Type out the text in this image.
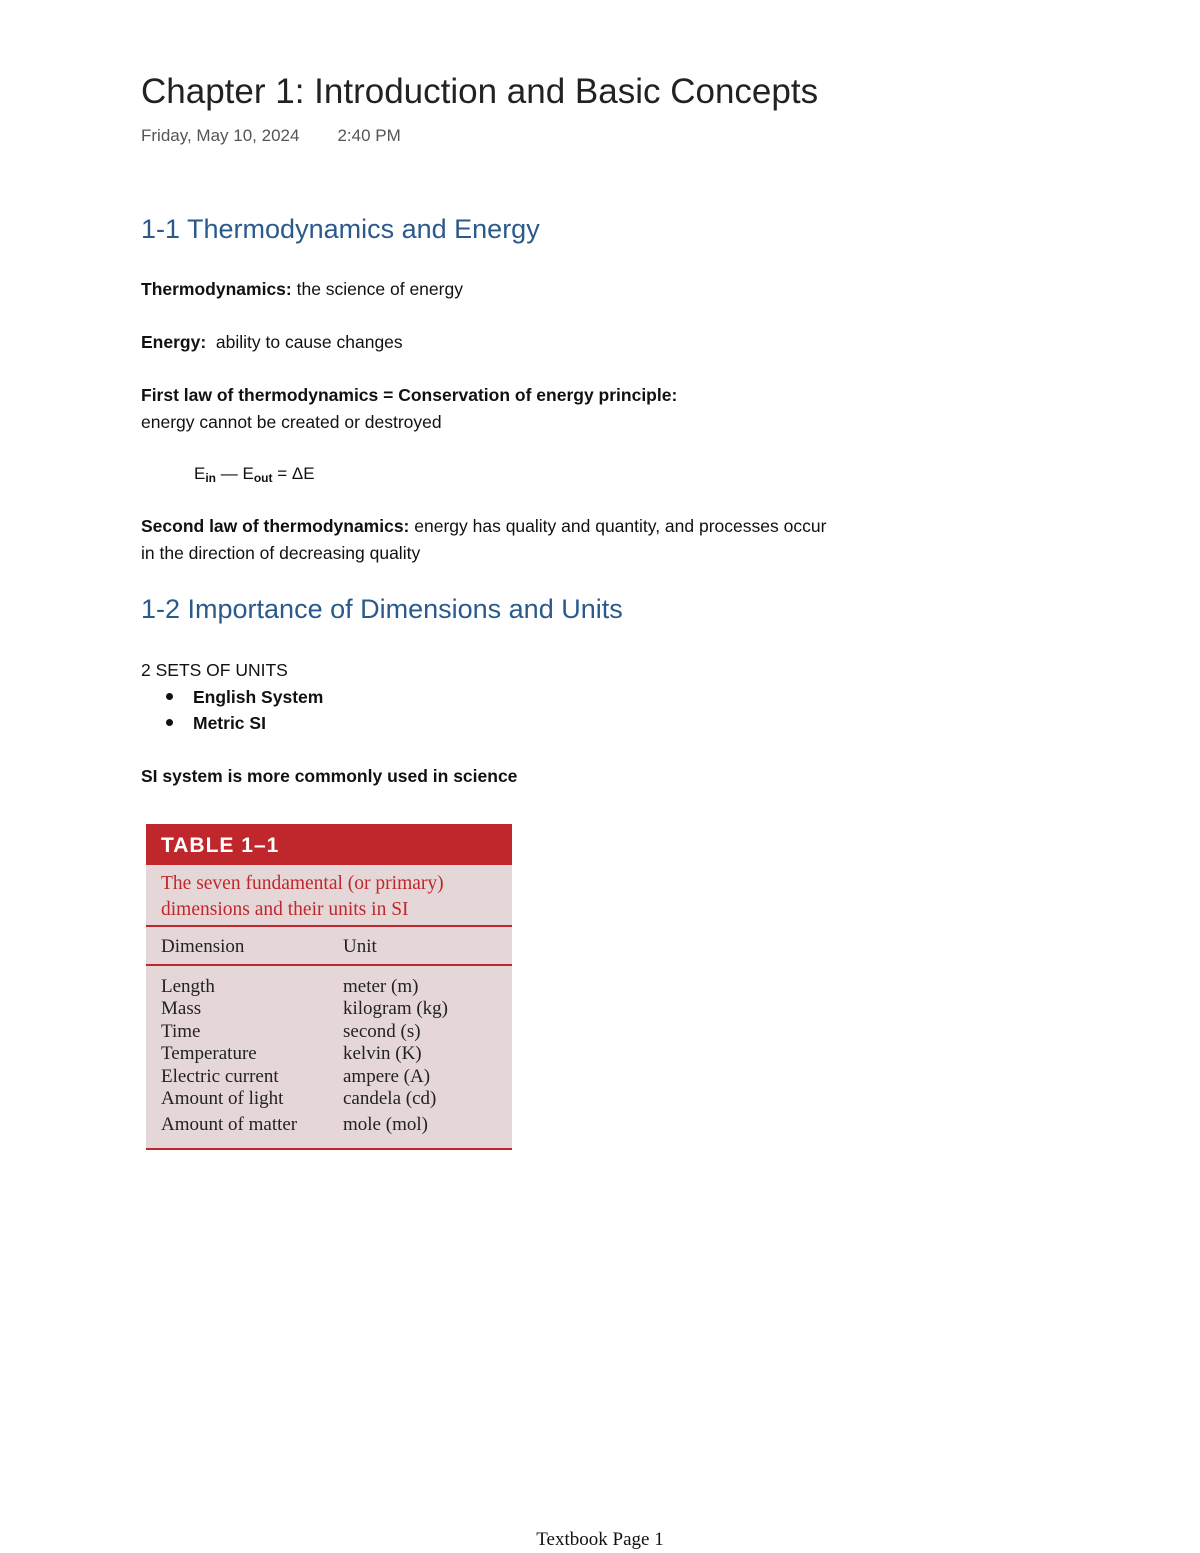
Chapter 1: Introduction and Basic Concepts
Friday, May 10, 2024 2:40 PM
1-1 Thermodynamics and Energy
Thermodynamics: the science of energy
Energy:  ability to cause changes
First law of thermodynamics = Conservation of energy principle:
energy cannot be created or destroyed
$E_{in}$ — $E_{out} = \Delta E$
Second law of thermodynamics: energy has quality and quantity, and processes occur
in the direction of decreasing quality
1-2 Importance of Dimensions and Units
2 SETS OF UNITS
English System
Metric SI
SI system is more commonly used in science
TABLE 1–1
The seven fundamental (or primary)
dimensions and their units in SI
Dimension	Unit
Length	meter (m)
Mass	kilogram (kg)
Time	second (s)
Temperature	kelvin (K)
Electric current	ampere (A)
Amount of light	candela (cd)
Amount of matter	mole (mol)
Textbook Page 1
